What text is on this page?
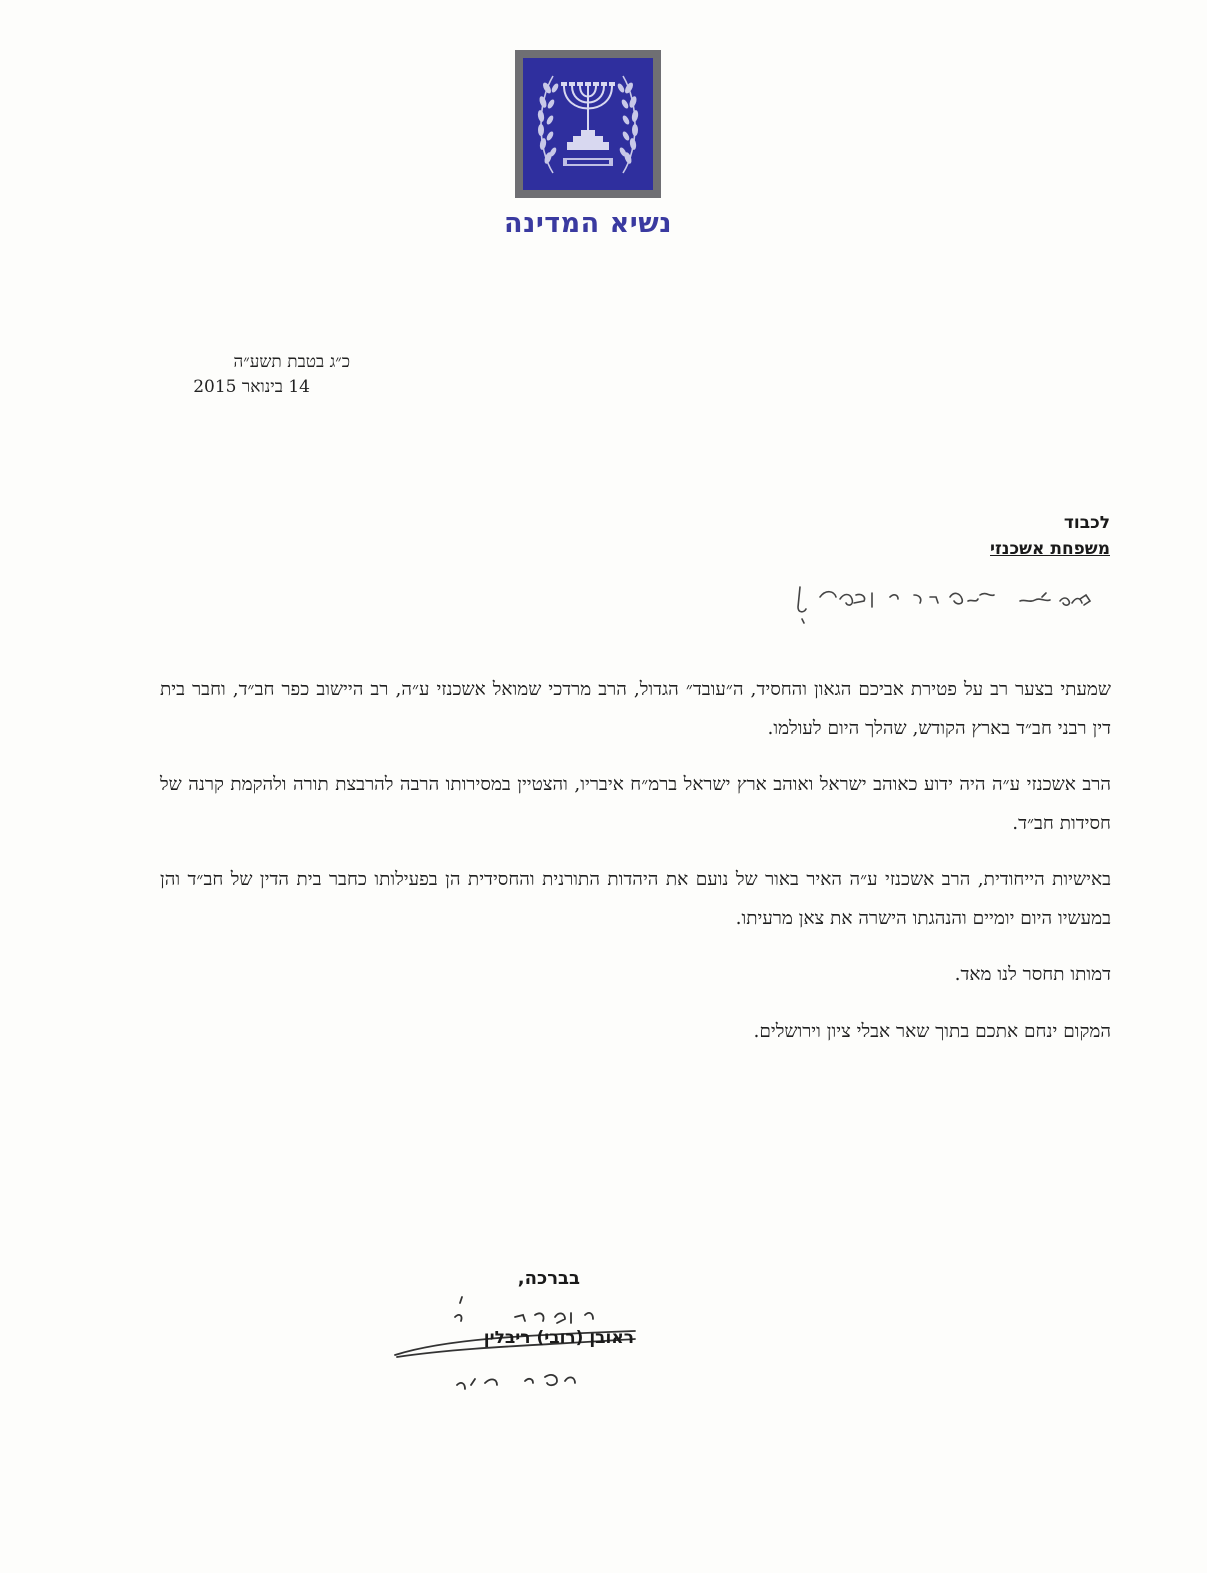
נשיא המדינה
כ״ג בטבת תשע״ה
14 בינואר 2015
לכבוד
משפחת אשכנזי

שמעתי בצער רב על פטירת אביכם הגאון והחסיד, ה״עובד״ הגדול, הרב מרדכי שמואל אשכנזי ע״ה, רב היישוב כפר חב״ד, וחבר בית דין רבני חב״ד בארץ הקודש, שהלך היום לעולמו.

הרב אשכנזי ע״ה היה ידוע כאוהב ישראל ואוהב ארץ ישראל ברמ״ח איבריו, והצטיין במסירותו הרבה להרבצת תורה ולהקמת קרנה של חסידות חב״ד.

באישיות הייחודית, הרב אשכנזי ע״ה האיר באור של נועם את היהדות התורנית והחסידית הן בפעילותו כחבר בית הדין של חב״ד והן במעשיו היום יומיים והנהגתו הישרה את צאן מרעיתו.

דמותו תחסר לנו מאד.

המקום ינחם אתכם בתוך שאר אבלי ציון וירושלים.

בברכה,
ראובן (רובי) ריבלין
